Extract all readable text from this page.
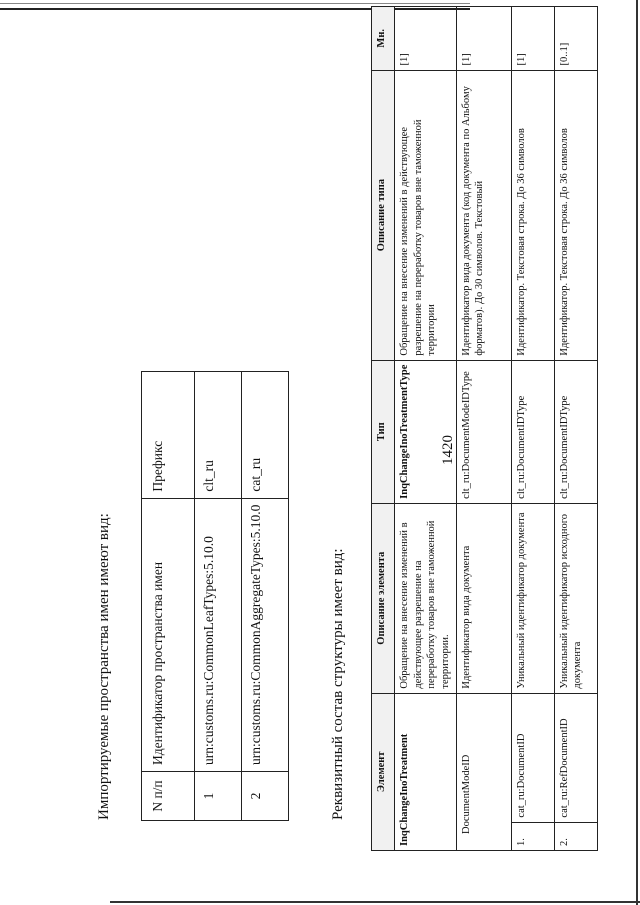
1420
Импортируемые пространства имен имеют вид:	N п/п	Идентификатор пространства имен	Префикс
1	urn:customs.ru:CommonLeafTypes:5.10.0	clt_ru
2	urn:customs.ru:CommonAggregateTypes:5.10.0	cat_ru
Реквизитный состав структуры имеет вид:	Элемент		Описание элемента	Тип	Описание типа	Мн.
InqChangeInoTreatment		Обращение на внесение изменений в действующее разрешение на переработку товаров вне таможенной территории.	InqChangeInoTreatmentType	Обращение на внесение изменений в действующее разрешение на переработку товаров вне таможенной территории	[1]
DocumentModeID		Идентификатор вида документа	clt_ru:DocumentModeIDType	Идентификатор вида документа (код документа по Альбому форматов). До 30 символов. Текстовый	[1]
1.	cat_ru:DocumentID	Уникальный идентификатор документа	clt_ru:DocumentIDType	Идентификатор. Текстовая строка. До 36 символов	[1]
2.	cat_ru:RefDocumentID	Уникальный идентификатор исходного документа	clt_ru:DocumentIDType	Идентификатор. Текстовая строка. До 36 символов	[0..1]
